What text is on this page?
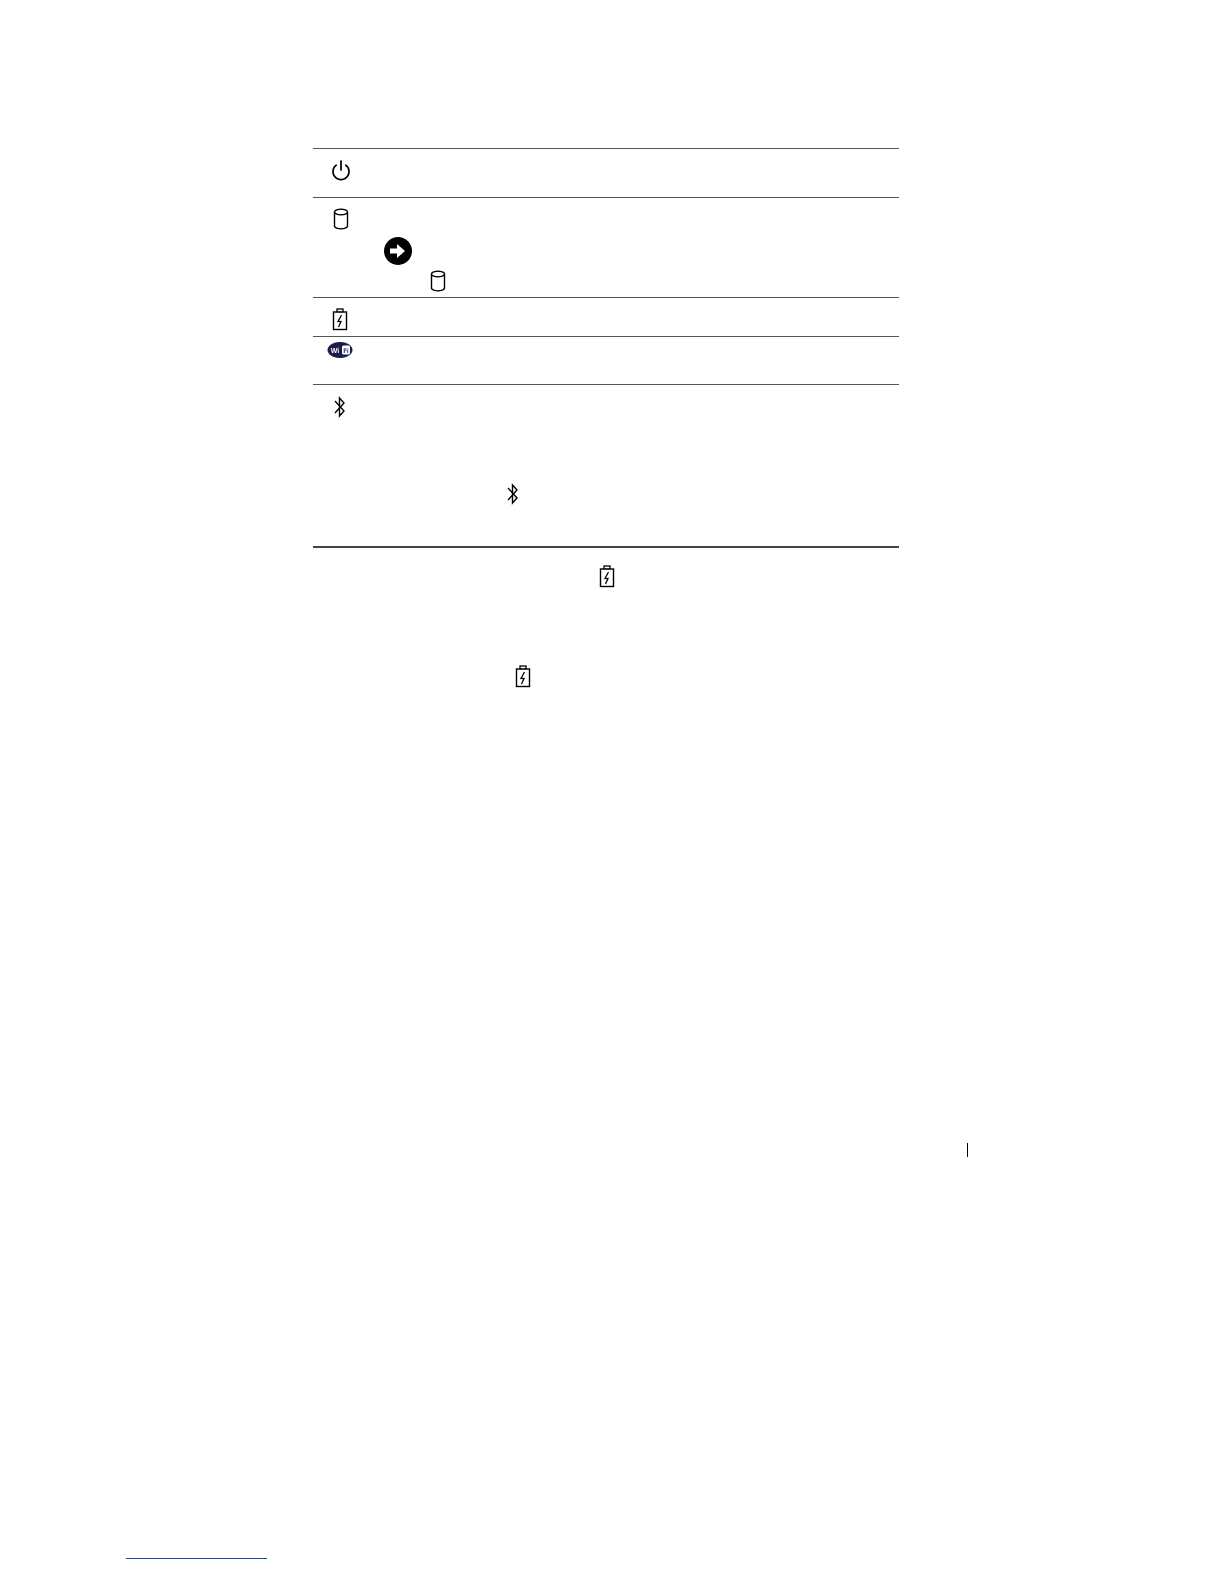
Wi Fi
